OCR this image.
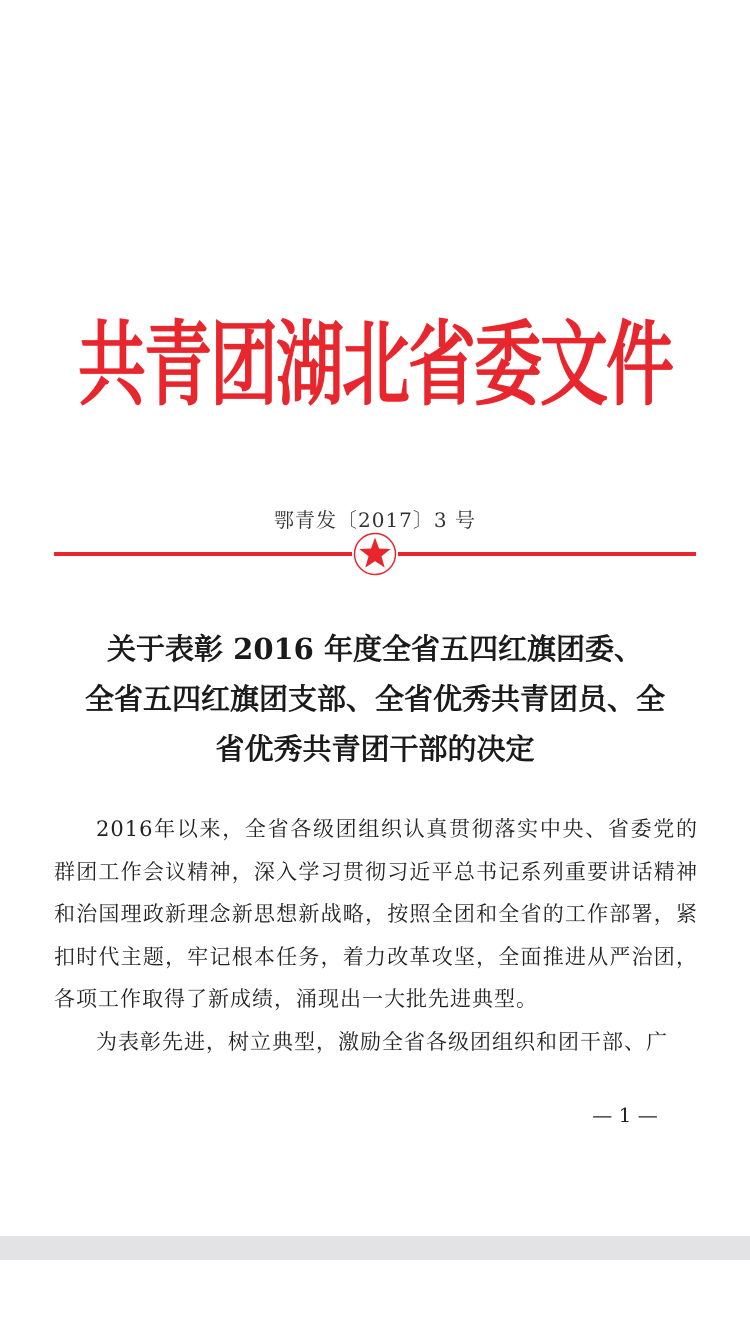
共青团湖北省委文件
鄂青发〔2017〕3 号
关于表彰 2016 年度全省五四红旗团委、
全省五四红旗团支部、全省优秀共青团员、全
省优秀共青团干部的决定

2016年以来，全省各级团组织认真贯彻落实中央、省委党的群团工作会议精神，深入学习贯彻习近平总书记系列重要讲话精神和治国理政新理念新思想新战略，按照全团和全省的工作部署，紧扣时代主题，牢记根本任务，着力改革攻坚，全面推进从严治团，各项工作取得了新成绩，涌现出一大批先进典型。

为表彰先进，树立典型，激励全省各级团组织和团干部、广

— 1 —
